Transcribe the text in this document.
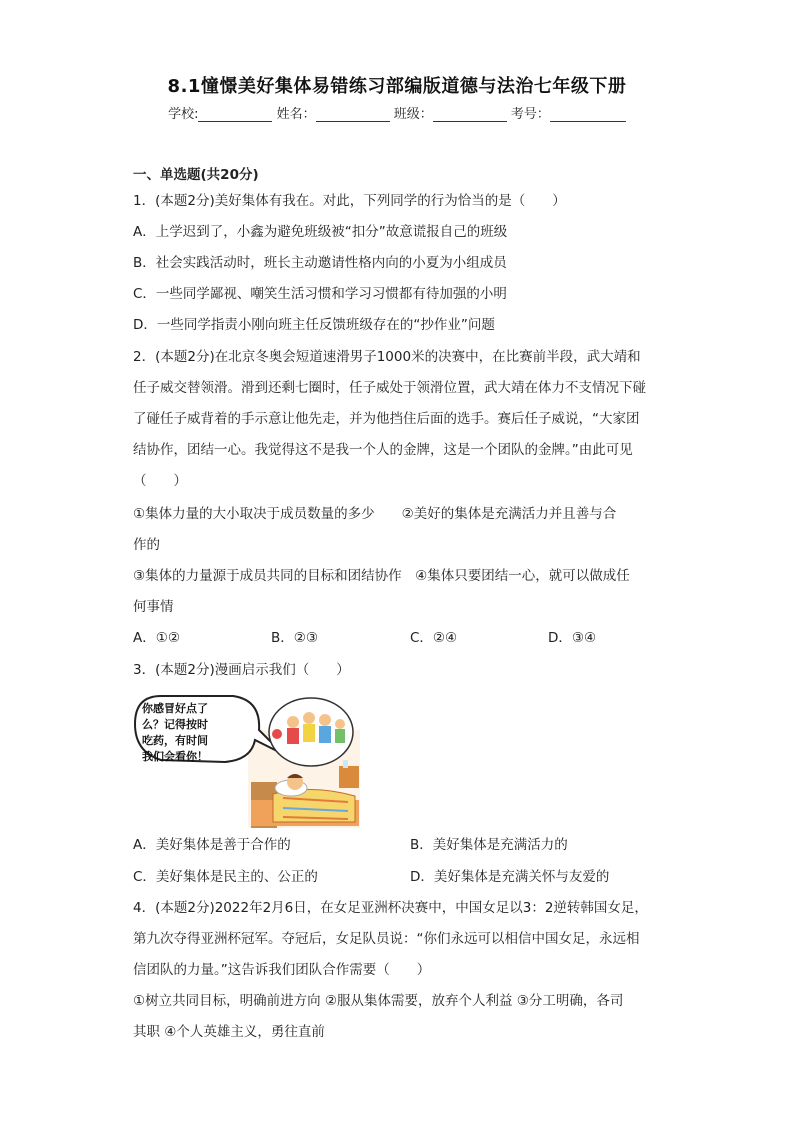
8.1憧憬美好集体易错练习部编版道德与法治七年级下册
学校:	姓名：	班级：	考号：
一、单选题(共20分)
1．(本题2分)美好集体有我在。对此，下列同学的行为恰当的是（　　）
A．上学迟到了，小鑫为避免班级被“扣分”故意谎报自己的班级
B．社会实践活动时，班长主动邀请性格内向的小夏为小组成员
C．一些同学鄙视、嘲笑生活习惯和学习习惯都有待加强的小明
D．一些同学指责小刚向班主任反馈班级存在的“抄作业”问题
2．(本题2分)在北京冬奥会短道速滑男子1000米的决赛中，在比赛前半段，武大靖和
任子威交替领滑。滑到还剩七圈时，任子威处于领滑位置，武大靖在体力不支情况下碰
了碰任子威背着的手示意让他先走，并为他挡住后面的选手。赛后任子威说，“大家团
结协作，团结一心。我觉得这不是我一个人的金牌，这是一个团队的金牌。”由此可见
（　　）
①集体力量的大小取决于成员数量的多少　　②美好的集体是充满活力并且善与合
作的
③集体的力量源于成员共同的目标和团结协作　④集体只要团结一心，就可以做成任
何事情
A．①②	B．②③	C．②④	D．③④
3．(本题2分)漫画启示我们（　　）
你感冒好点了
么？记得按时
吃药，有时间
我们会看你！
A．美好集体是善于合作的	B．美好集体是充满活力的
C．美好集体是民主的、公正的	D．美好集体是充满关怀与友爱的
4．(本题2分)2022年2月6日，在女足亚洲杯决赛中，中国女足以3：2逆转韩国女足，
第九次夺得亚洲杯冠军。夺冠后，女足队员说：“你们永远可以相信中国女足，永远相
信团队的力量。”这告诉我们团队合作需要（　　）
①树立共同目标，明确前进方向 ②服从集体需要，放弃个人利益 ③分工明确，各司
其职 ④个人英雄主义，勇往直前
